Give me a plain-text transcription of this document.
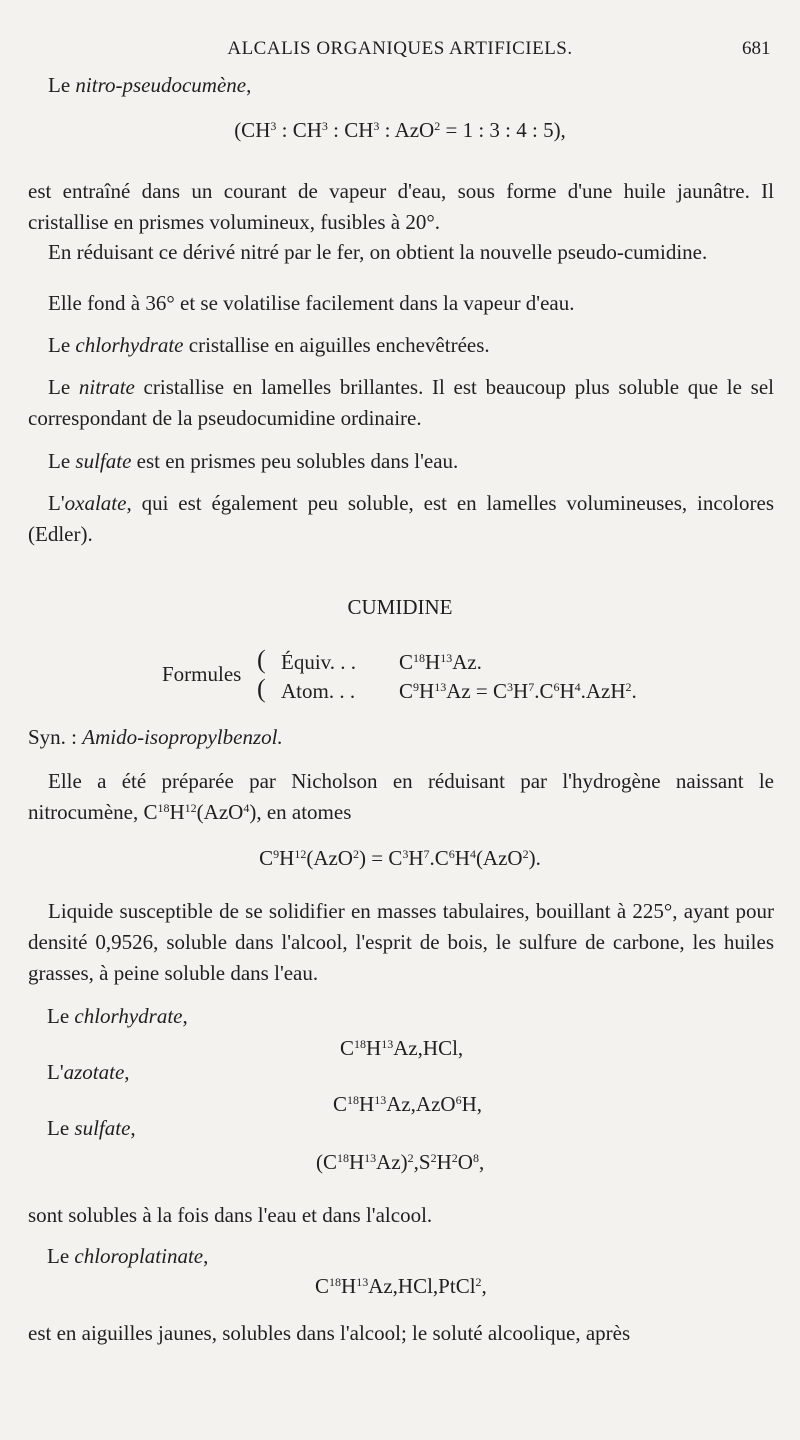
ALCALIS ORGANIQUES ARTIFICIELS.	681

Le nitro-pseudocumène,

($CH^3$ : $CH^3$ : $CH^3$ : AzO$^2$ = 1 : 3 : 4 : 5),

est entraîné dans un courant de vapeur d'eau, sous forme d'une huile jaunâtre. Il cristallise en prismes volumineux, fusibles à 20°.

En réduisant ce dérivé nitré par le fer, on obtient la nouvelle pseudo-cumidine.

Elle fond à 36° et se volatilise facilement dans la vapeur d'eau.

Le chlorhydrate cristallise en aiguilles enchevêtrées.

Le nitrate cristallise en lamelles brillantes. Il est beaucoup plus soluble que le sel correspondant de la pseudocumidine ordinaire.

Le sulfate est en prismes peu solubles dans l'eau.

L'oxalate, qui est également peu soluble, est en lamelles volumineuses, incolores (Edler).

CUMIDINE

Formules (
(
Équiv. . . $C^{18}H^{13}Az$.
Atom. . . $C^9H^{13}Az = C^3H^7.C^6H^4.AzH^2$.

Syn. : Amido-isopropylbenzol.

Elle a été préparée par Nicholson en réduisant par l'hydrogène naissant le nitrocumène, $C^{18}H^{12}(AzO^4)$, en atomes

$C^9H^{12}(AzO^2) = C^3H^7.C^6H^4(AzO^2)$.

Liquide susceptible de se solidifier en masses tabulaires, bouillant à 225°, ayant pour densité 0,9526, soluble dans l'alcool, l'esprit de bois, le sulfure de carbone, les huiles grasses, à peine soluble dans l'eau.

Le chlorhydrate,
$C^{18}H^{13}Az,HCl$,
L'azotate,
$C^{18}H^{13}Az,AzO^6H$,
Le sulfate,
$(C^{18}H^{13}Az)^2,S^2H^2O^8$,

sont solubles à la fois dans l'eau et dans l'alcool.

Le chloroplatinate,
$C^{18}H^{13}Az,HCl,PtCl^2$,

est en aiguilles jaunes, solubles dans l'alcool; le soluté alcoolique, après
